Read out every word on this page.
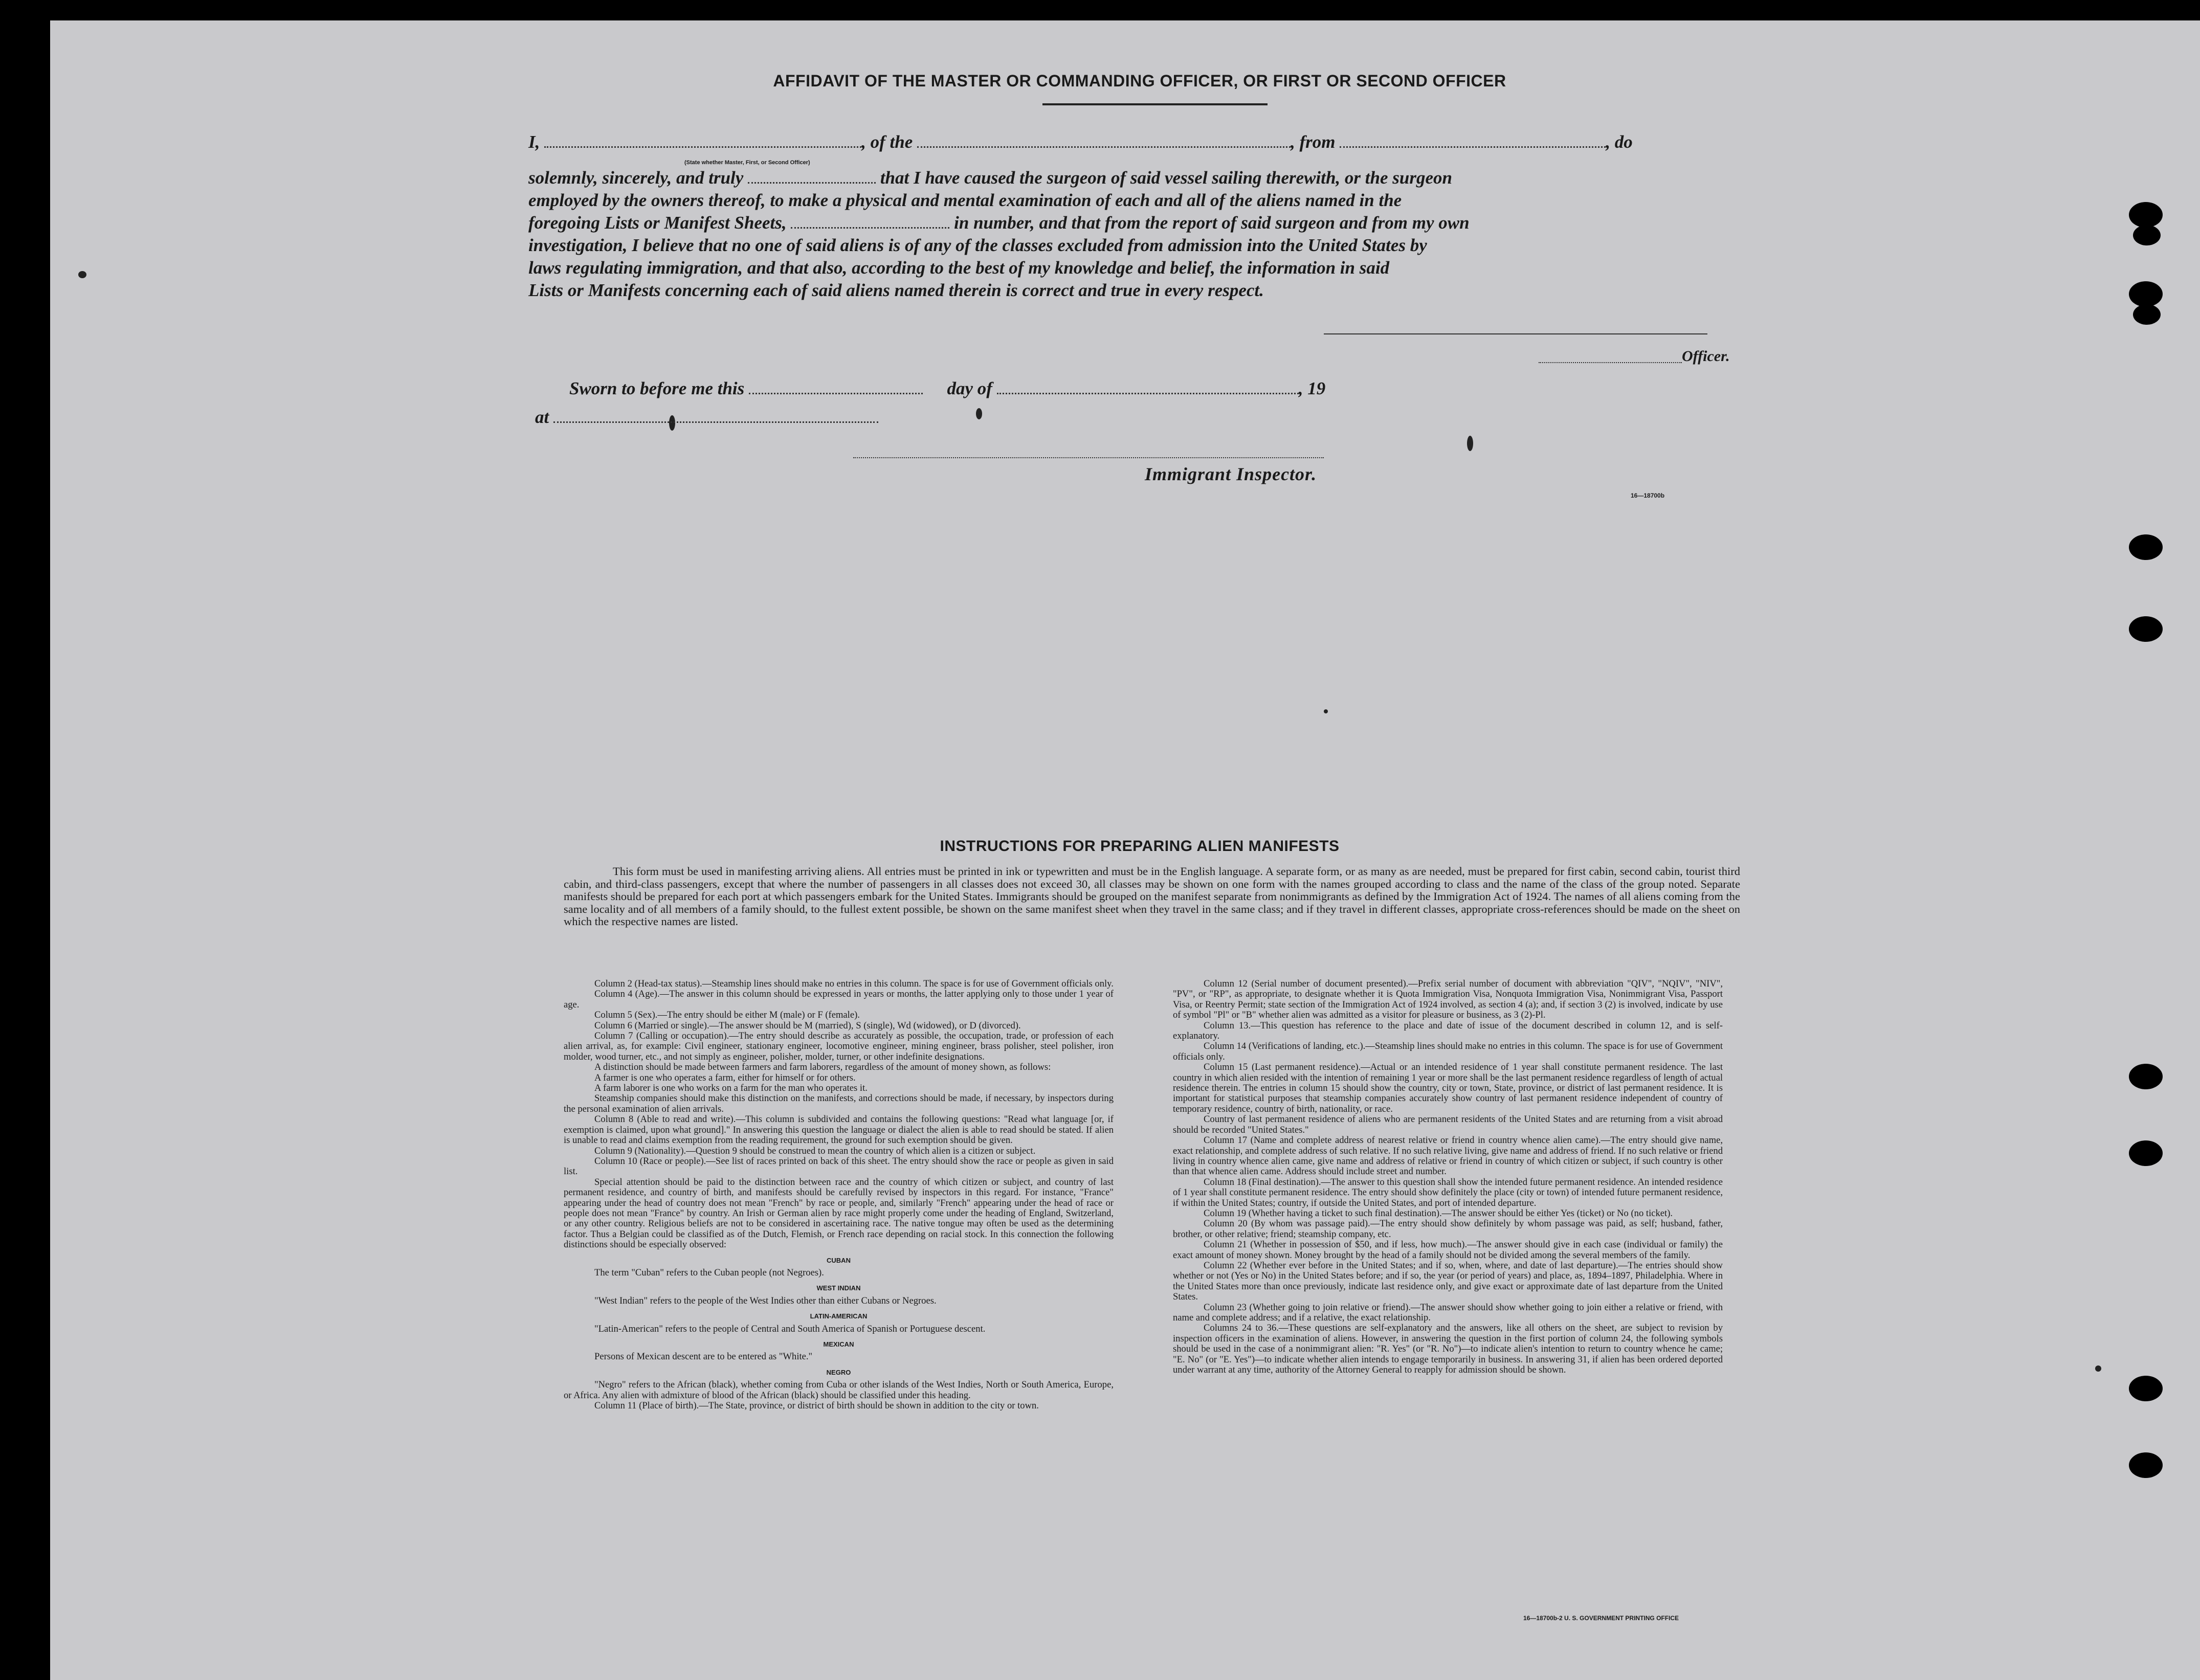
AFFIDAVIT OF THE MASTER OR COMMANDING OFFICER, OR FIRST OR SECOND OFFICER
I,	, of the	, from	, do
(State whether Master, First, or Second Officer)
solemnly, sincerely, and truly	that I have caused the surgeon of said vessel sailing therewith, or the surgeon
employed by the owners thereof, to make a physical and mental examination of each and all of the aliens named in the
foregoing Lists or Manifest Sheets,	in number, and that from the report of said surgeon and from my own
investigation, I believe that no one of said aliens is of any of the classes excluded from admission into the United States by
laws regulating immigration, and that also, according to the best of my knowledge and belief, the information in said
Lists or Manifests concerning each of said aliens named therein is correct and true in every respect.
Officer.
Sworn to before me this	day of	, 19
at
Immigrant Inspector.
16—18700b
INSTRUCTIONS FOR PREPARING ALIEN MANIFESTS
This form must be used in manifesting arriving aliens. All entries must be printed in ink or typewritten and must be in the English language. A separate form, or as many as are needed, must be prepared for first cabin, second cabin, tourist third cabin, and third-class passengers, except that where the number of passengers in all classes does not exceed 30, all classes may be shown on one form with the names grouped according to class and the name of the class of the group noted. Separate manifests should be prepared for each port at which passengers embark for the United States. Immigrants should be grouped on the manifest separate from nonimmigrants as defined by the Immigration Act of 1924. The names of all aliens coming from the same locality and of all members of a family should, to the fullest extent possible, be shown on the same manifest sheet when they travel in the same class; and if they travel in different classes, appropriate cross-references should be made on the sheet on which the respective names are listed.

Column 2 (Head-tax status).—Steamship lines should make no entries in this column. The space is for use of Government officials only.

Column 4 (Age).—The answer in this column should be expressed in years or months, the latter applying only to those under 1 year of age.

Column 5 (Sex).—The entry should be either M (male) or F (female).

Column 6 (Married or single).—The answer should be M (married), S (single), Wd (widowed), or D (divorced).

Column 7 (Calling or occupation).—The entry should describe as accurately as possible, the occupation, trade, or profession of each alien arrival, as, for example: Civil engineer, stationary engineer, locomotive engineer, mining engineer, brass polisher, steel polisher, iron molder, wood turner, etc., and not simply as engineer, polisher, molder, turner, or other indefinite designations.

A distinction should be made between farmers and farm laborers, regardless of the amount of money shown, as follows:

A farmer is one who operates a farm, either for himself or for others.

A farm laborer is one who works on a farm for the man who operates it.

Steamship companies should make this distinction on the manifests, and corrections should be made, if necessary, by inspectors during the personal examination of alien arrivals.

Column 8 (Able to read and write).—This column is subdivided and contains the following questions: "Read what language [or, if exemption is claimed, upon what ground]." In answering this question the language or dialect the alien is able to read should be stated. If alien is unable to read and claims exemption from the reading requirement, the ground for such exemption should be given.

Column 9 (Nationality).—Question 9 should be construed to mean the country of which alien is a citizen or subject.

Column 10 (Race or people).—See list of races printed on back of this sheet. The entry should show the race or people as given in said list.

Special attention should be paid to the distinction between race and the country of which citizen or subject, and country of last permanent residence, and country of birth, and manifests should be carefully revised by inspectors in this regard. For instance, "France" appearing under the head of country does not mean "French" by race or people, and, similarly "French" appearing under the head of race or people does not mean "France" by country. An Irish or German alien by race might properly come under the heading of England, Switzerland, or any other country. Religious beliefs are not to be considered in ascertaining race. The native tongue may often be used as the determining factor. Thus a Belgian could be classified as of the Dutch, Flemish, or French race depending on racial stock. In this connection the following distinctions should be especially observed:

CUBAN

The term "Cuban" refers to the Cuban people (not Negroes).

WEST INDIAN

"West Indian" refers to the people of the West Indies other than either Cubans or Negroes.

LATIN-AMERICAN

"Latin-American" refers to the people of Central and South America of Spanish or Portuguese descent.

MEXICAN

Persons of Mexican descent are to be entered as "White."

NEGRO

"Negro" refers to the African (black), whether coming from Cuba or other islands of the West Indies, North or South America, Europe, or Africa. Any alien with admixture of blood of the African (black) should be classified under this heading.

Column 11 (Place of birth).—The State, province, or district of birth should be shown in addition to the city or town.

Column 12 (Serial number of document presented).—Prefix serial number of document with abbreviation "QIV", "NQIV", "NIV", "PV", or "RP", as appropriate, to designate whether it is Quota Immigration Visa, Nonquota Immigration Visa, Nonimmigrant Visa, Passport Visa, or Reentry Permit; state section of the Immigration Act of 1924 involved, as section 4 (a); and, if section 3 (2) is involved, indicate by use of symbol "Pl" or "B" whether alien was admitted as a visitor for pleasure or business, as 3 (2)-Pl.

Column 13.—This question has reference to the place and date of issue of the document described in column 12, and is self-explanatory.

Column 14 (Verifications of landing, etc.).—Steamship lines should make no entries in this column. The space is for use of Government officials only.

Column 15 (Last permanent residence).—Actual or an intended residence of 1 year shall constitute permanent residence. The last country in which alien resided with the intention of remaining 1 year or more shall be the last permanent residence regardless of length of actual residence therein. The entries in column 15 should show the country, city or town, State, province, or district of last permanent residence. It is important for statistical purposes that steamship companies accurately show country of last permanent residence independent of country of temporary residence, country of birth, nationality, or race.

Country of last permanent residence of aliens who are permanent residents of the United States and are returning from a visit abroad should be recorded "United States."

Column 17 (Name and complete address of nearest relative or friend in country whence alien came).—The entry should give name, exact relationship, and complete address of such relative. If no such relative living, give name and address of friend. If no such relative or friend living in country whence alien came, give name and address of relative or friend in country of which citizen or subject, if such country is other than that whence alien came. Address should include street and number.

Column 18 (Final destination).—The answer to this question shall show the intended future permanent residence. An intended residence of 1 year shall constitute permanent residence. The entry should show definitely the place (city or town) of intended future permanent residence, if within the United States; country, if outside the United States, and port of intended departure.

Column 19 (Whether having a ticket to such final destination).—The answer should be either Yes (ticket) or No (no ticket).

Column 20 (By whom was passage paid).—The entry should show definitely by whom passage was paid, as self; husband, father, brother, or other relative; friend; steamship company, etc.

Column 21 (Whether in possession of $50, and if less, how much).—The answer should give in each case (individual or family) the exact amount of money shown. Money brought by the head of a family should not be divided among the several members of the family.

Column 22 (Whether ever before in the United States; and if so, when, where, and date of last departure).—The entries should show whether or not (Yes or No) in the United States before; and if so, the year (or period of years) and place, as, 1894–1897, Philadelphia. Where in the United States more than once previously, indicate last residence only, and give exact or approximate date of last departure from the United States.

Column 23 (Whether going to join relative or friend).—The answer should show whether going to join either a relative or friend, with name and complete address; and if a relative, the exact relationship.

Columns 24 to 36.—These questions are self-explanatory and the answers, like all others on the sheet, are subject to revision by inspection officers in the examination of aliens. However, in answering the question in the first portion of column 24, the following symbols should be used in the case of a nonimmigrant alien: "R. Yes" (or "R. No")—to indicate alien's intention to return to country whence he came; "E. No" (or "E. Yes")—to indicate whether alien intends to engage temporarily in business. In answering 31, if alien has been ordered deported under warrant at any time, authority of the Attorney General to reapply for admission should be shown.

16—18700b-2 U. S. GOVERNMENT PRINTING OFFICE
